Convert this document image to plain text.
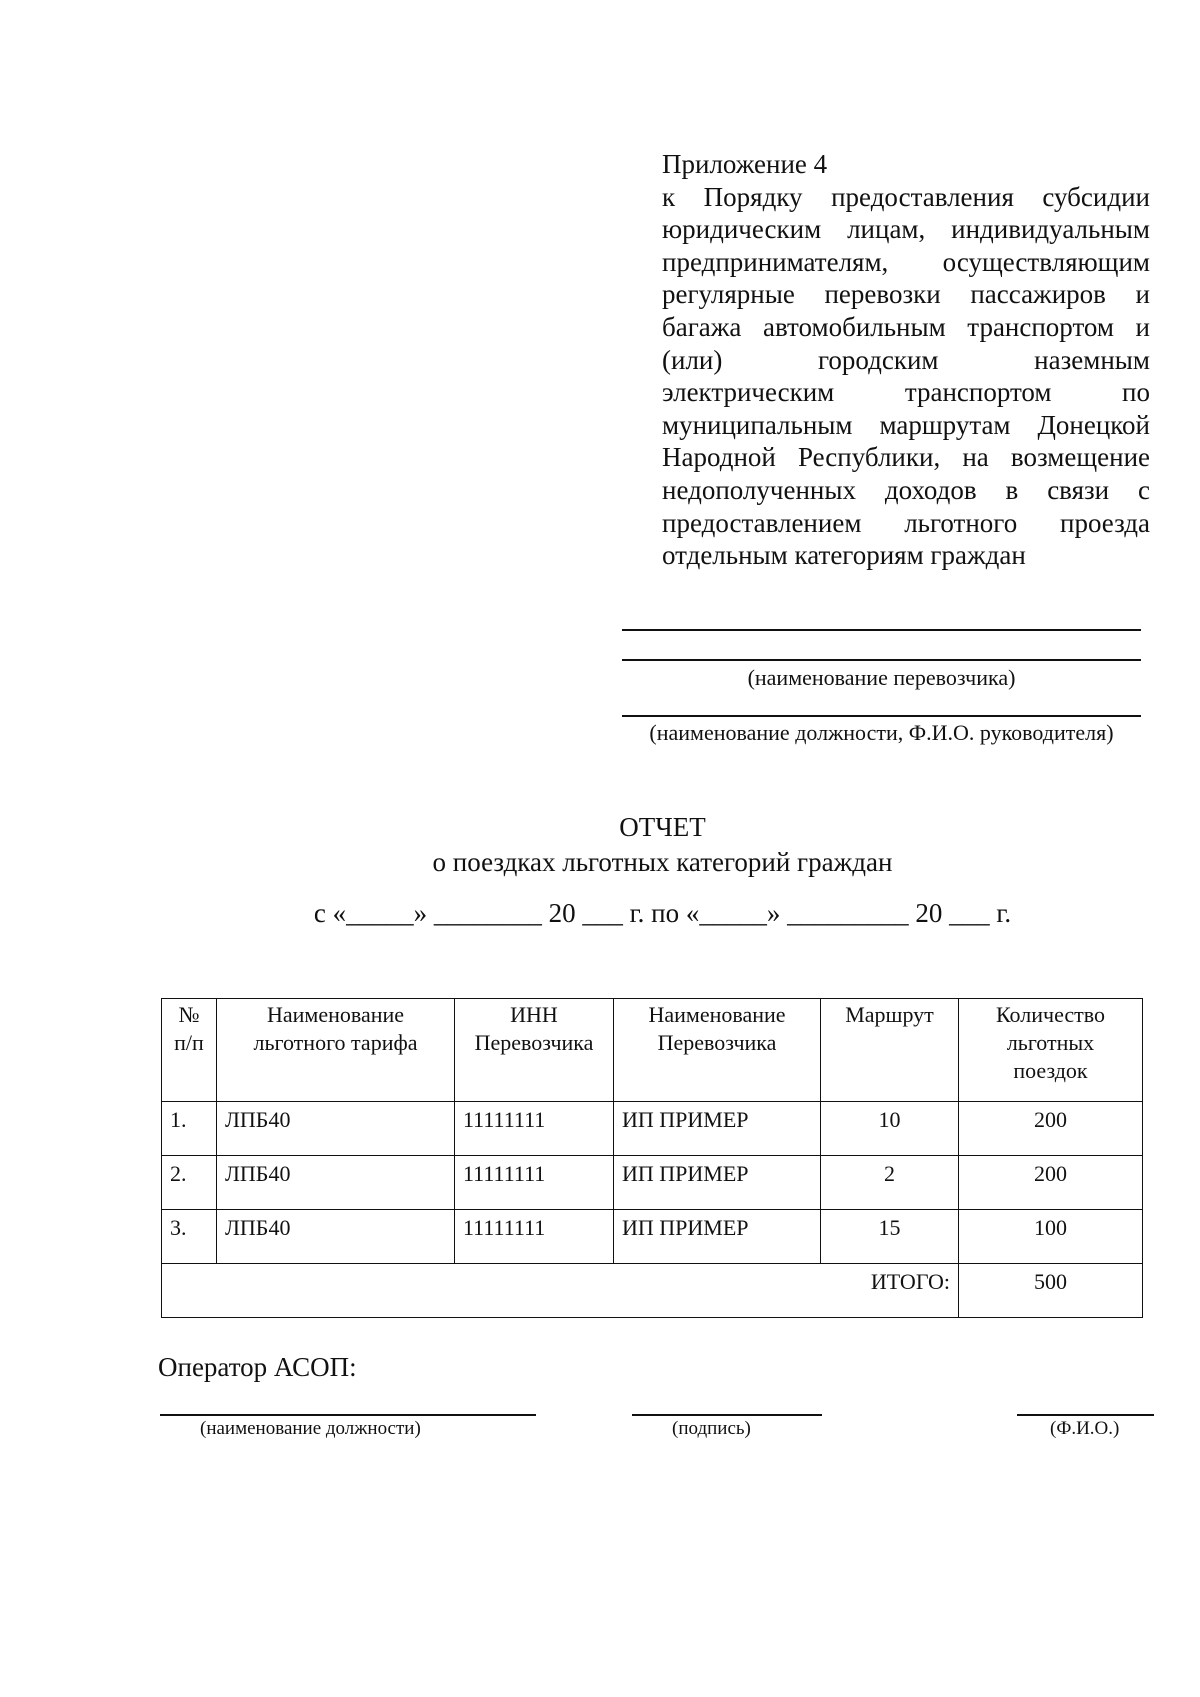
Приложение 4
к Порядку предоставления субсидии юридическим лицам, индивидуальным предпринимателям, осуществляющим регулярные перевозки пассажиров и багажа автомобильным транспортом и (или) городским наземным электрическим транспортом по муниципальным маршрутам Донецкой Народной Республики, на возмещение недополученных доходов в связи с предоставлением льготного проезда отдельным категориям граждан
(наименование перевозчика)
(наименование должности, Ф.И.О. руководителя)
ОТЧЕТ
о поездках льготных категорий граждан
с «_____» ________ 20 ___ г. по «_____» _________ 20 ___ г.
№ п/п	Наименование льготного тарифа	ИНН Перевозчика	Наименование Перевозчика	Маршрут	Количество льготных поездок
1.	ЛПБ40	11111111	ИП ПРИМЕР	10	200
2.	ЛПБ40	11111111	ИП ПРИМЕР	2	200
3.	ЛПБ40	11111111	ИП ПРИМЕР	15	100
ИТОГО:					500
Оператор АСОП:
(наименование должности)	(подпись)	(Ф.И.О.)
